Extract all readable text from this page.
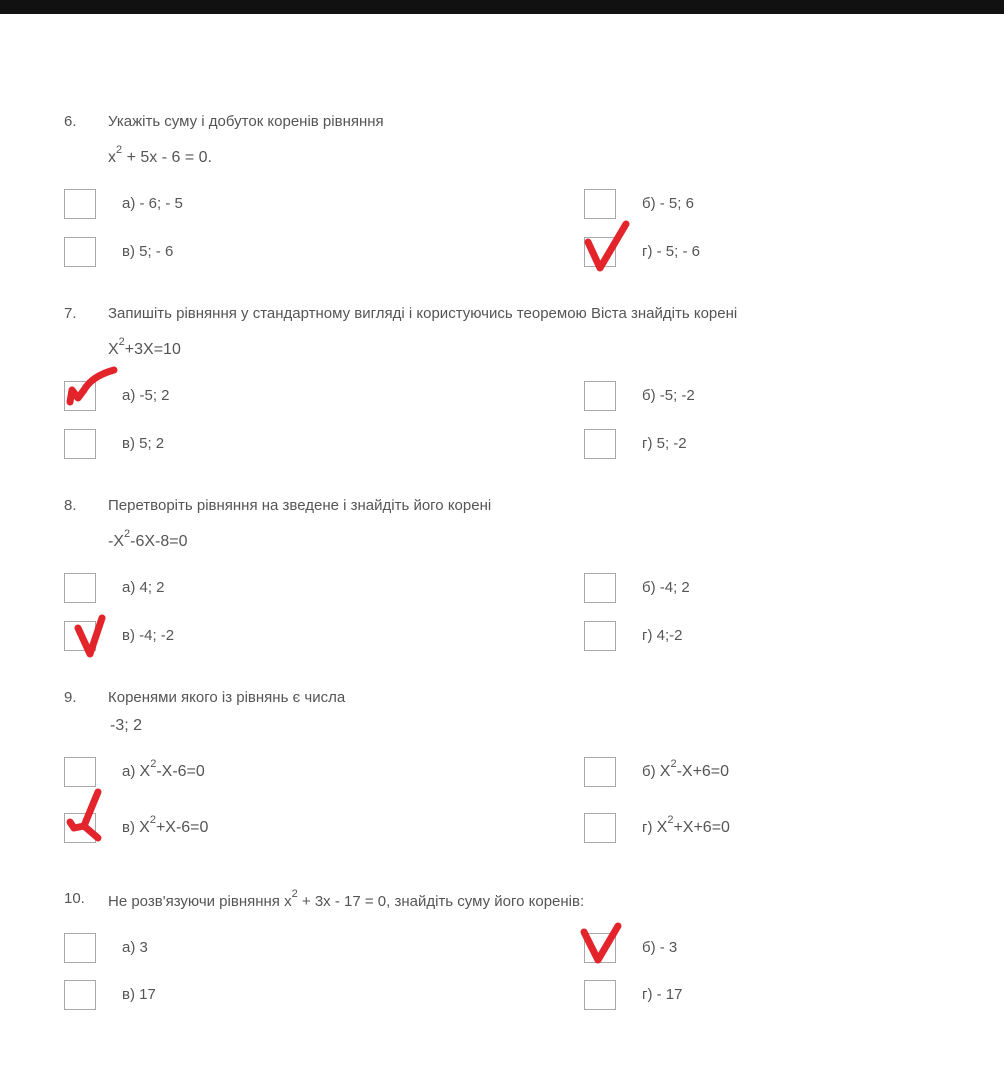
6. Укажіть суму і добуток коренів рівняння
$x^2 + 5x - 6 = 0$.
а) - 6; - 5	б) - 5; 6
в) 5; - 6	г) - 5; - 6
7. Запишіть рівняння у стандартному вигляді і користуючись теоремою Віста знайдіть корені
$X^2+3X=10$
а) -5; 2	б) -5; -2
в) 5; 2	г) 5; -2
8. Перетворіть рівняння на зведене і знайдіть його корені
$-X^2-6X-8=0$
а) 4; 2	б) -4; 2
в) -4; -2	г) 4;-2
9. Коренями якого із рівнянь є числа
-3; 2
а) $X^2-X-6=0$	б) $X^2-X+6=0$
в) $X^2+X-6=0$	г) $X^2+X+6=0$
10. Не розв'язуючи рівняння $x^2 + 3x - 17 = 0$, знайдіть суму його коренів:
а) 3	б) - 3
в) 17	г) - 17
